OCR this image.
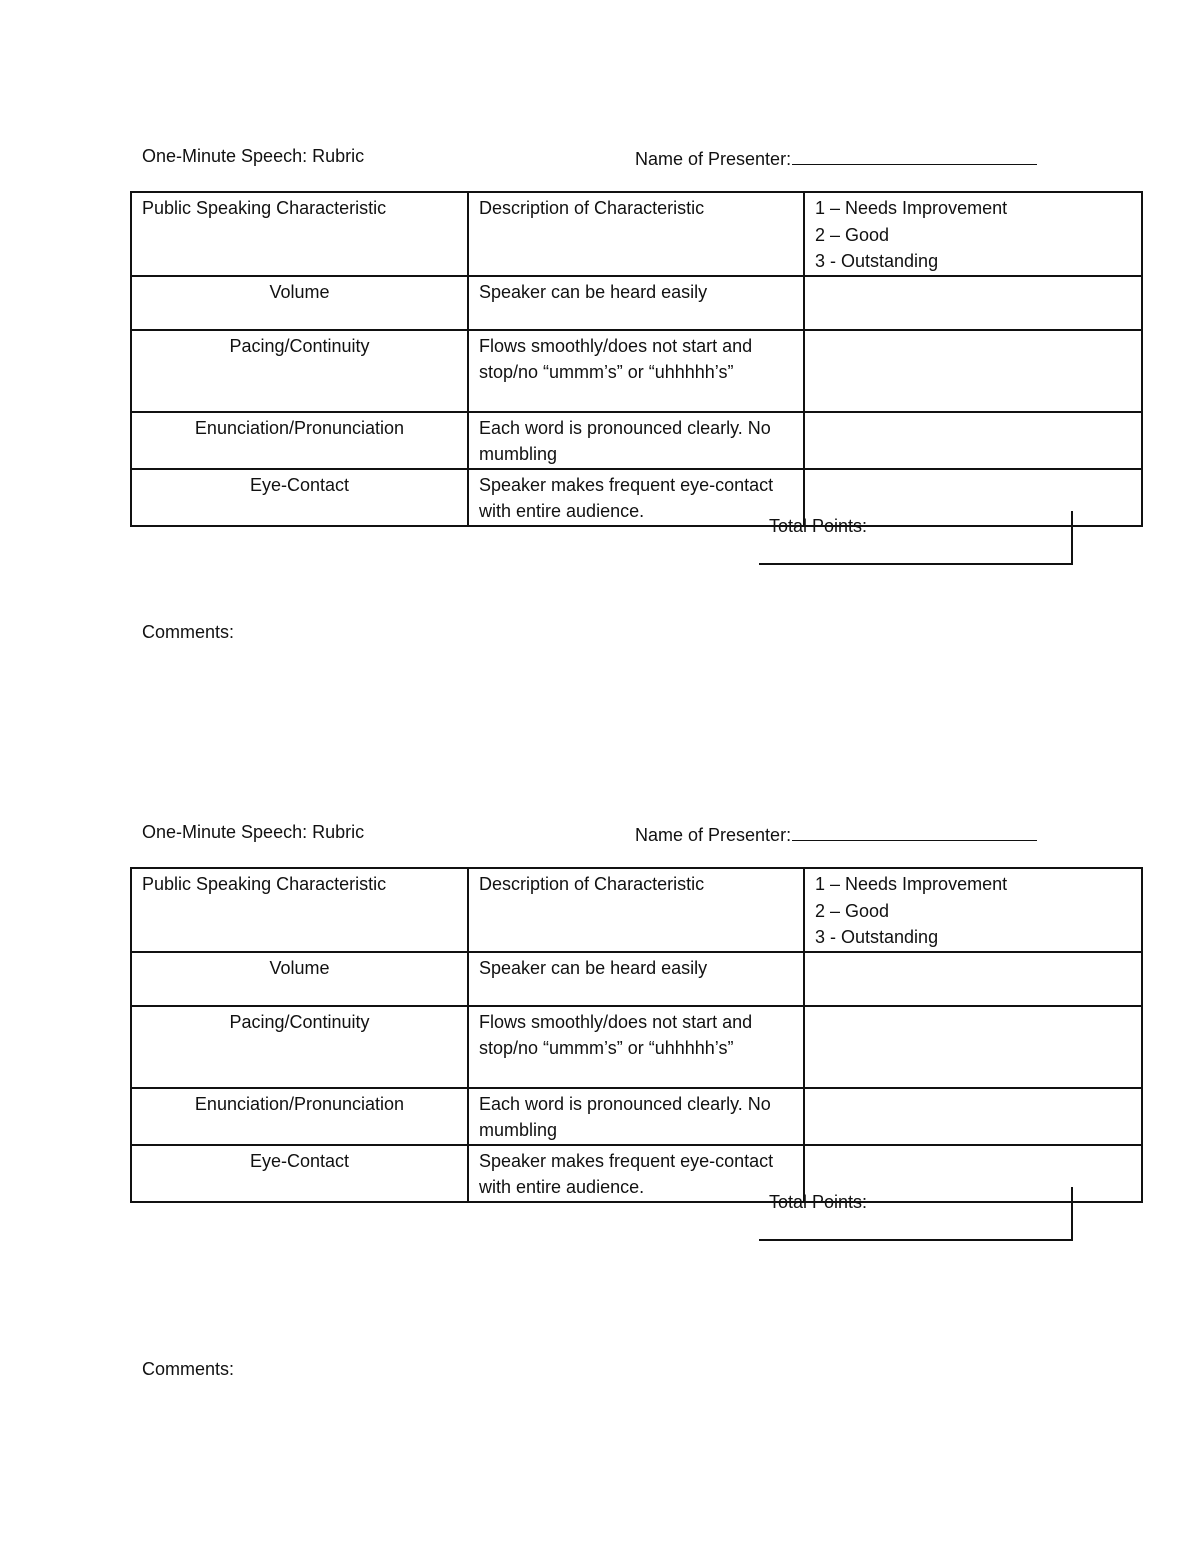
One-Minute Speech: Rubric	Name of Presenter:
Public Speaking Characteristic	Description of Characteristic	1 – Needs Improvement
2 – Good
3 - Outstanding

Volume	Speaker can be heard easily	
Pacing/Continuity	Flows smoothly/does not start and stop/no “ummm’s” or “uhhhhh’s”	
Enunciation/Pronunciation	Each word is pronounced clearly. No mumbling	
Eye-Contact	Speaker makes frequent eye-contact with entire audience.	
Total Points:
Comments:
One-Minute Speech: Rubric	Name of Presenter:
Public Speaking Characteristic	Description of Characteristic	1 – Needs Improvement
2 – Good
3 - Outstanding

Volume	Speaker can be heard easily	
Pacing/Continuity	Flows smoothly/does not start and stop/no “ummm’s” or “uhhhhh’s”	
Enunciation/Pronunciation	Each word is pronounced clearly. No mumbling	
Eye-Contact	Speaker makes frequent eye-contact with entire audience.	
Total Points:
Comments:
